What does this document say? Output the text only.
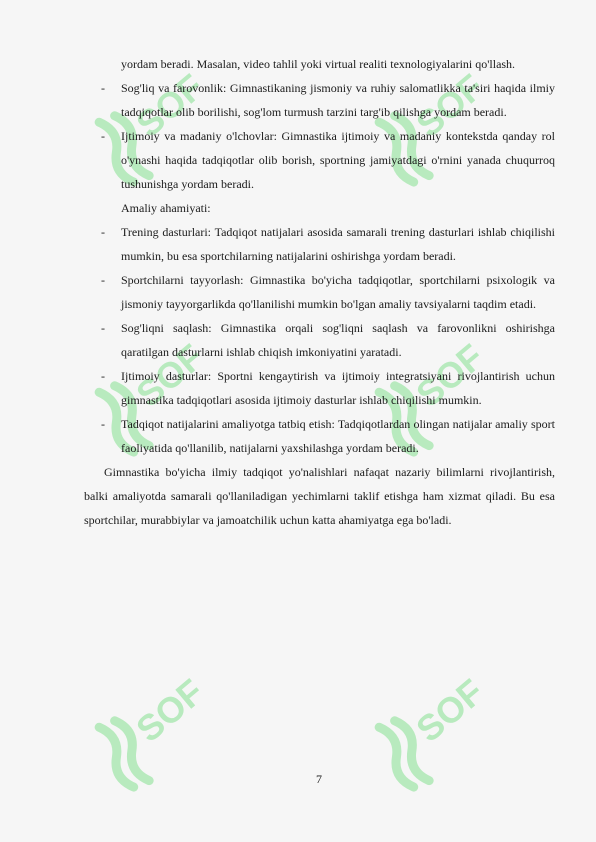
SOF	SOF
SOF	SOF
SOF	SOF
yordam beradi. Masalan, video tahlil yoki virtual realiti texnologiyalarini qo'llash.
- Sog'liq va farovonlik: Gimnastikaning jismoniy va ruhiy salomatlikka ta'siri haqida ilmiy tadqiqotlar olib borilishi, sog'lom turmush tarzini targ'ib qilishga yordam beradi.
- Ijtimoiy va madaniy o'lchovlar: Gimnastika ijtimoiy va madaniy kontekstda qanday rol o'ynashi haqida tadqiqotlar olib borish, sportning jamiyatdagi o'rnini yanada chuqurroq tushunishga yordam beradi.
Amaliy ahamiyati:
- Trening dasturlari: Tadqiqot natijalari asosida samarali trening dasturlari ishlab chiqilishi mumkin, bu esa sportchilarning natijalarini oshirishga yordam beradi.
- Sportchilarni tayyorlash: Gimnastika bo'yicha tadqiqotlar, sportchilarni psixologik va jismoniy tayyorgarlikda qo'llanilishi mumkin bo'lgan amaliy tavsiyalarni taqdim etadi.
- Sog'liqni saqlash: Gimnastika orqali sog'liqni saqlash va farovonlikni oshirishga qaratilgan dasturlarni ishlab chiqish imkoniyatini yaratadi.
- Ijtimoiy dasturlar: Sportni kengaytirish va ijtimoiy integratsiyani rivojlantirish uchun gimnastika tadqiqotlari asosida ijtimoiy dasturlar ishlab chiqilishi mumkin.
- Tadqiqot natijalarini amaliyotga tatbiq etish: Tadqiqotlardan olingan natijalar amaliy sport faoliyatida qo'llanilib, natijalarni yaxshilashga yordam beradi.
Gimnastika bo'yicha ilmiy tadqiqot yo'nalishlari nafaqat nazariy bilimlarni rivojlantirish, balki amaliyotda samarali qo'llaniladigan yechimlarni taklif etishga ham xizmat qiladi. Bu esa sportchilar, murabbiylar va jamoatchilik uchun katta ahamiyatga ega bo'ladi.
7
